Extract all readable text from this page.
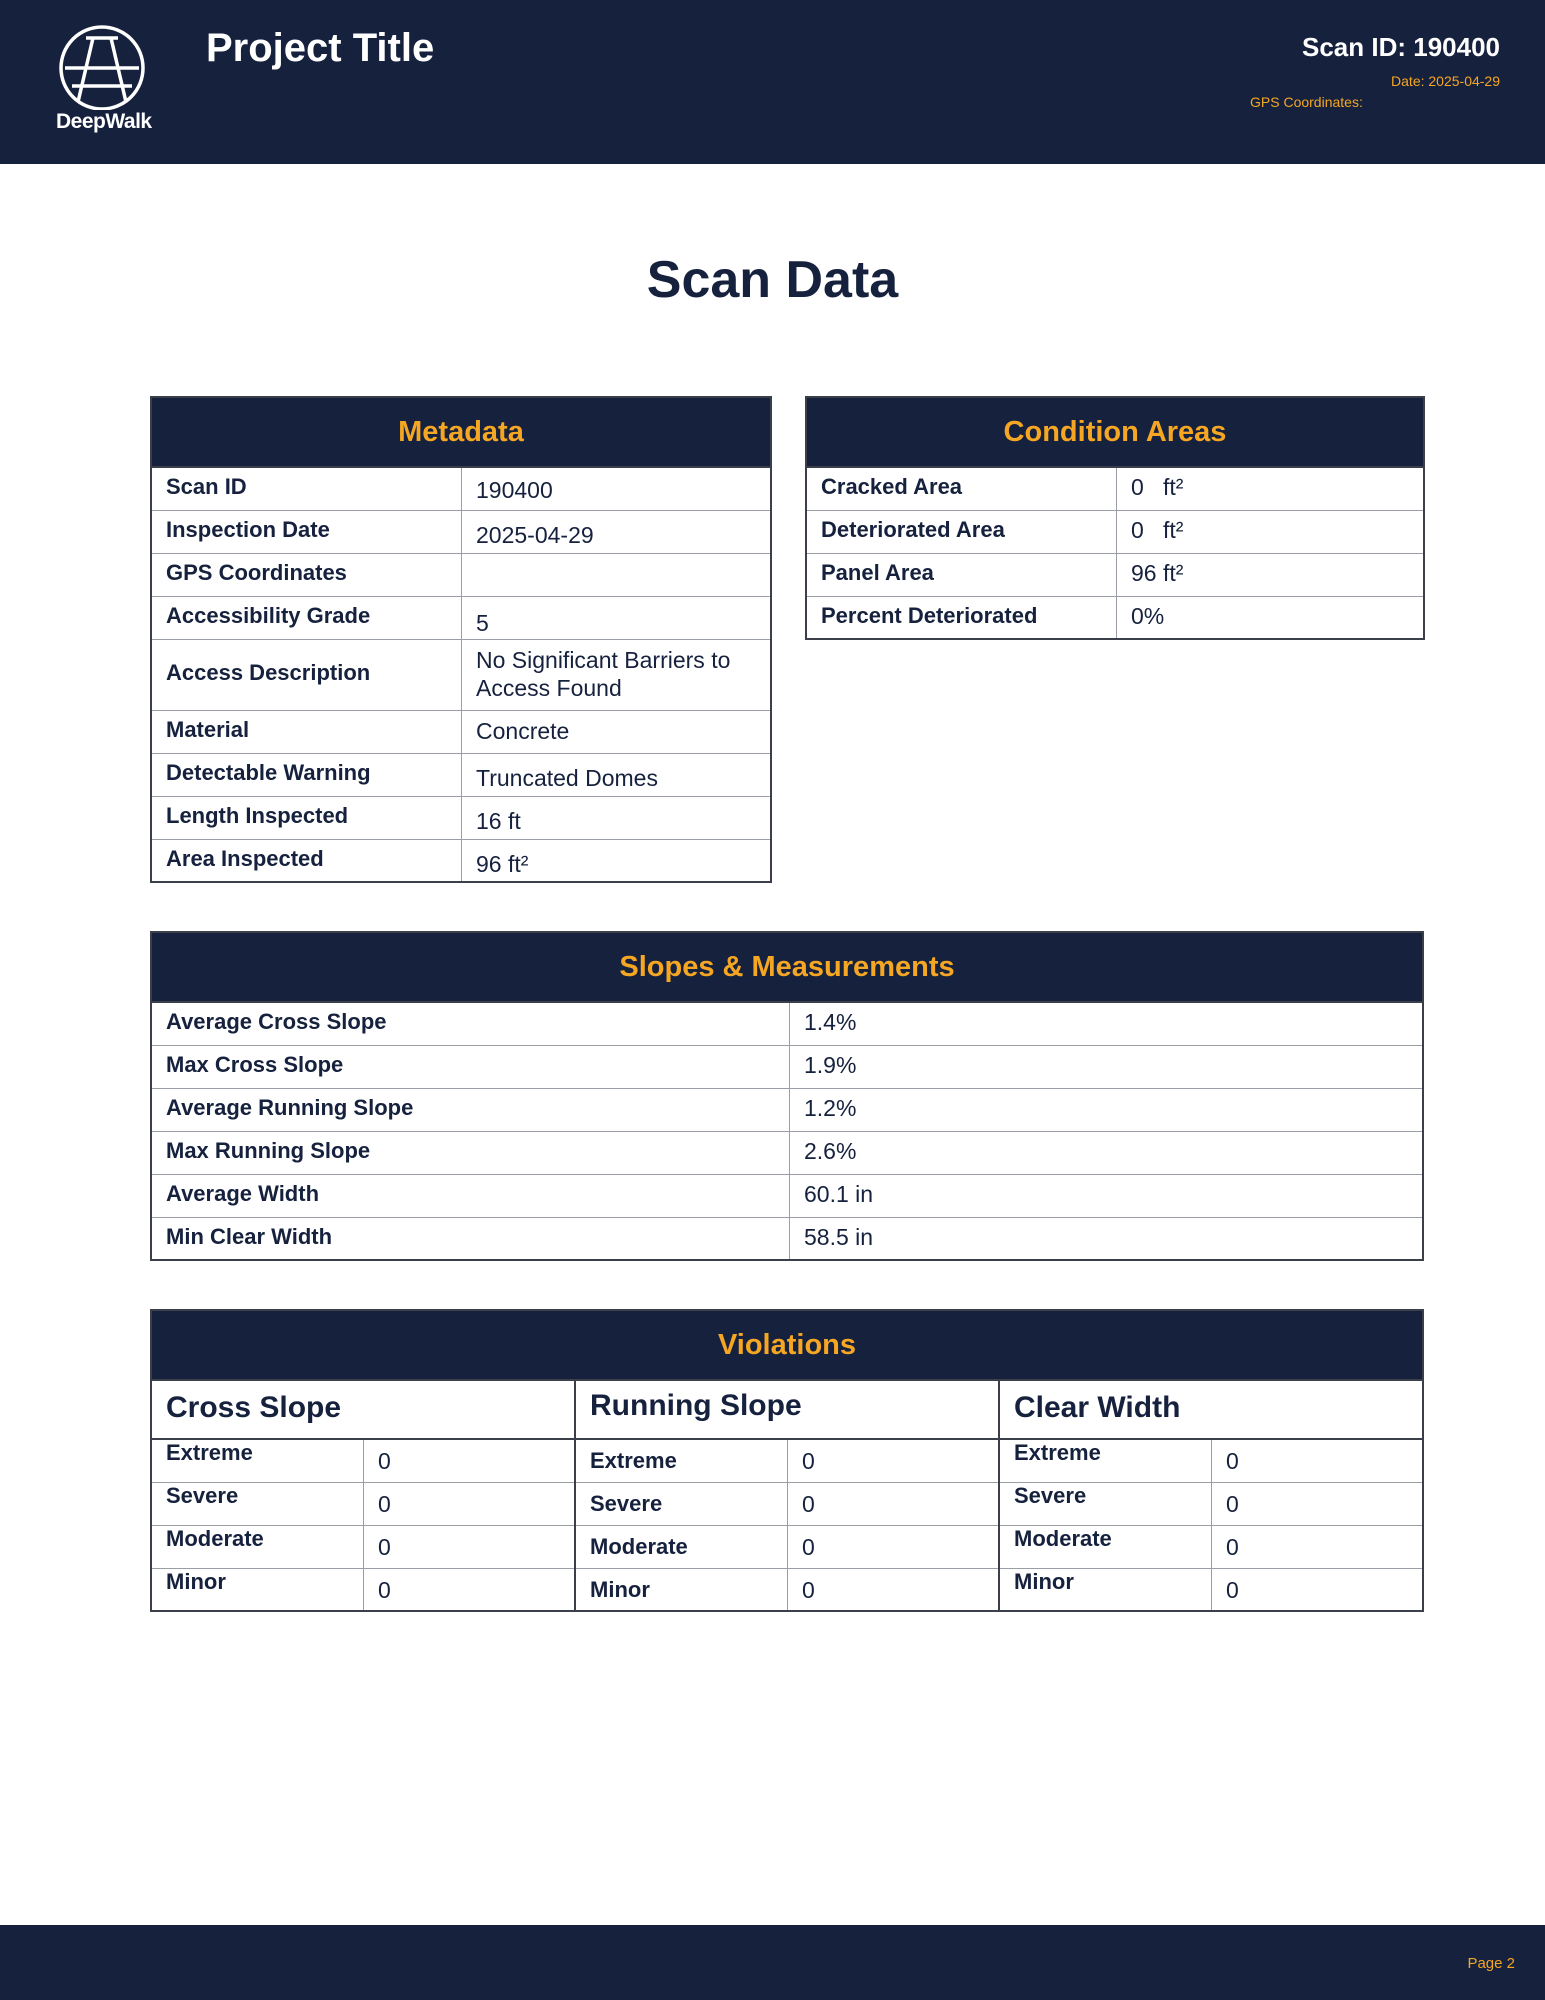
DeepWalk
Project Title	Scan ID: 190400
Date: 2025-04-29
GPS Coordinates:
Scan Data
Metadata
Scan ID	190400
Inspection Date	2025-04-29
GPS Coordinates
Accessibility Grade	5
Access Description	No Significant Barriers to Access Found
Material	Concrete
Detectable Warning	Truncated Domes
Length Inspected	16 ft
Area Inspected	96 ft²
Condition Areas
Cracked Area	0   ft²
Deteriorated Area	0   ft²
Panel Area	96 ft²
Percent Deteriorated	0%
Slopes & Measurements
Average Cross Slope	1.4%
Max Cross Slope	1.9%
Average Running Slope	1.2%
Max Running Slope	2.6%
Average Width	60.1 in
Min Clear Width	58.5 in
Violations
Cross Slope
Extreme	0
Severe	0
Moderate	0
Minor	0
Running Slope
Extreme	0
Severe	0
Moderate	0
Minor	0
Clear Width
Extreme	0
Severe	0
Moderate	0
Minor	0
Page 2
